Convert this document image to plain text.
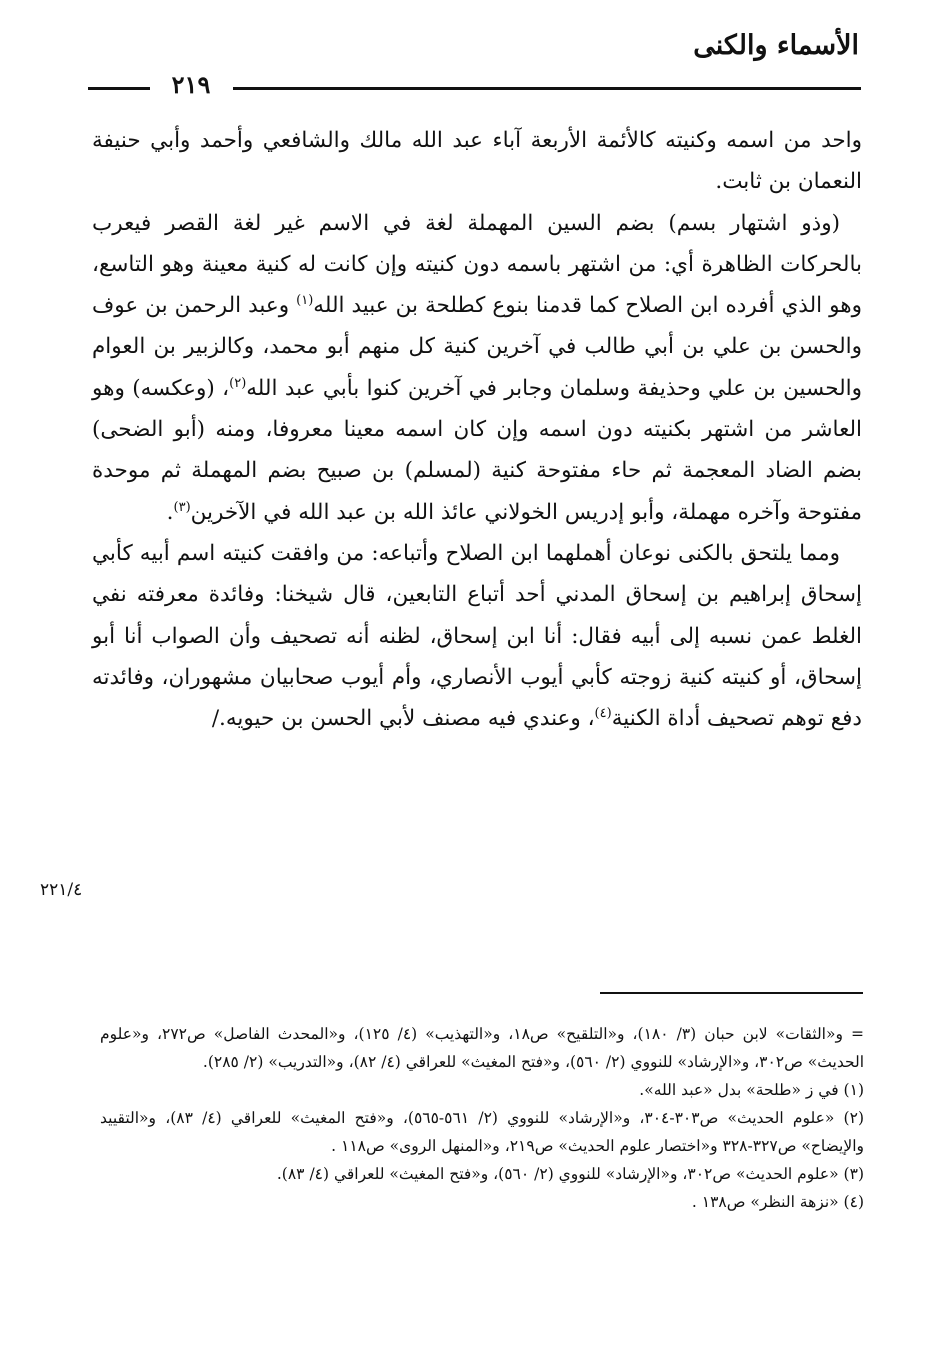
الأسماء والكنى
٢١٩

واحد من اسمه وكنيته كالأئمة الأربعة آباء عبد الله مالك والشافعي وأحمد وأبي حنيفة النعمان بن ثابت.

(وذو اشتهار بسم) بضم السين المهملة لغة في الاسم غير لغة القصر فيعرب بالحركات الظاهرة أي: من اشتهر باسمه دون كنيته وإن كانت له كنية معينة وهو التاسع، وهو الذي أفرده ابن الصلاح كما قدمنا بنوع كطلحة بن عبيد الله$^{(١)}$ وعبد الرحمن بن عوف والحسن بن علي بن أبي طالب في آخرين كنية كل منهم أبو محمد، وكالزبير بن العوام والحسين بن علي وحذيفة وسلمان وجابر في آخرين كنوا بأبي عبد الله$^{(٢)}$، (وعكسه) وهو العاشر من اشتهر بكنيته دون اسمه وإن كان اسمه معينا معروفا، ومنه (أبو الضحى) بضم الضاد المعجمة ثم حاء مفتوحة كنية (لمسلم) بن صبيح بضم المهملة ثم موحدة مفتوحة وآخره مهملة، وأبو إدريس الخولاني عائذ الله بن عبد الله في الآخرين$^{(٣)}$.

ومما يلتحق بالكنى نوعان أهملهما ابن الصلاح وأتباعه: من وافقت كنيته اسم أبيه كأبي إسحاق إبراهيم بن إسحاق المدني أحد أتباع التابعين، قال شيخنا: وفائدة معرفته نفي الغلط عمن نسبه إلى أبيه فقال: أنا ابن إسحاق، لظنه أنه تصحيف وأن الصواب أنا أبو إسحاق، أو كنيته كنية زوجته كأبي أيوب الأنصاري، وأم أيوب صحابيان مشهوران، وفائدته دفع توهم تصحيف أداة الكنية$^{(٤)}$، وعندي فيه مصنف لأبي الحسن بن حيويه./

٢٢١/٤

= و«الثقات» لابن حبان (٣/ ١٨٠)، و«التلقيح» ص١٨، و«التهذيب» (٤/ ١٢٥)، و«المحدث الفاصل» ص٢٧٢، و«علوم الحديث» ص٣٠٢، و«الإرشاد» للنووي (٢/ ٥٦٠)، و«فتح المغيث» للعراقي (٤/ ٨٢)، و«التدريب» (٢/ ٢٨٥).

(١) في ز «طلحة» بدل «عبد الله».

(٢) «علوم الحديث» ص٣٠٣-٣٠٤، و«الإرشاد» للنووي (٢/ ٥٦١-٥٦٥)، و«فتح المغيث» للعراقي (٤/ ٨٣)، و«التقييد والإيضاح» ص٣٢٧-٣٢٨ و«اختصار علوم الحديث» ص٢١٩، و«المنهل الروى» ص١١٨ .

(٣) «علوم الحديث» ص٣٠٢، و«الإرشاد» للنووي (٢/ ٥٦٠)، و«فتح المغيث» للعراقي (٤/ ٨٣).

(٤) «نزهة النظر» ص١٣٨ .
